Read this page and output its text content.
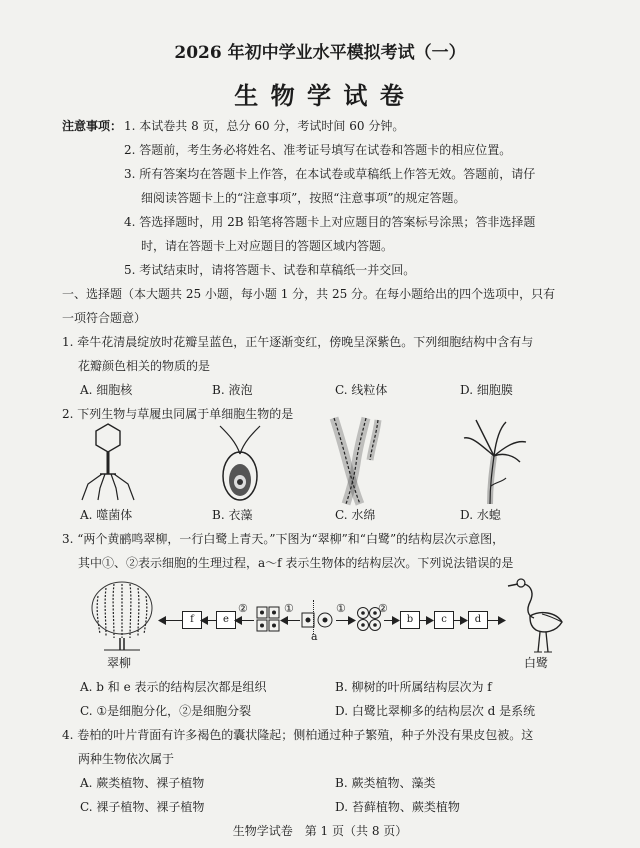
2026 年初中学业水平模拟考试（一）
生 物 学 试 卷
注意事项： 1. 本试卷共 8 页，总分 60 分，考试时间 60 分钟。
2. 答题前，考生务必将姓名、准考证号填写在试卷和答题卡的相应位置。
3. 所有答案均在答题卡上作答，在本试卷或草稿纸上作答无效。答题前，请仔
细阅读答题卡上的“注意事项”，按照“注意事项”的规定答题。
4. 答选择题时，用 2B 铅笔将答题卡上对应题目的答案标号涂黑；答非选择题
时，请在答题卡上对应题目的答题区域内答题。
5. 考试结束时，请将答题卡、试卷和草稿纸一并交回。
一、选择题（本大题共 25 小题，每小题 1 分，共 25 分。在每小题给出的四个选项中，只有
一项符合题意）
1. 牵牛花清晨绽放时花瓣呈蓝色，正午逐渐变红，傍晚呈深紫色。下列细胞结构中含有与
花瓣颜色相关的物质的是
A. 细胞核	B. 液泡	C. 线粒体	D. 细胞膜
2. 下列生物与草履虫同属于单细胞生物的是
A. 噬菌体	B. 衣藻	C. 水绵	D. 水螅
3. “两个黄鹂鸣翠柳，一行白鹭上青天。”下图为“翠柳”和“白鹭”的结构层次示意图，
其中①、②表示细胞的生理过程，a～f 表示生物体的结构层次。下列说法错误的是
翠柳
f	e
②	①
a
①	②
b	c	d
白鹭
A. b 和 e 表示的结构层次都是组织	B. 柳树的叶所属结构层次为 f
C. ①是细胞分化，②是细胞分裂	D. 白鹭比翠柳多的结构层次 d 是系统
4. 卷柏的叶片背面有许多褐色的囊状隆起；侧柏通过种子繁殖，种子外没有果皮包被。这
两种生物依次属于
A. 蕨类植物、裸子植物	B. 蕨类植物、藻类
C. 裸子植物、裸子植物	D. 苔藓植物、蕨类植物
生物学试卷　第 1 页（共 8 页）
